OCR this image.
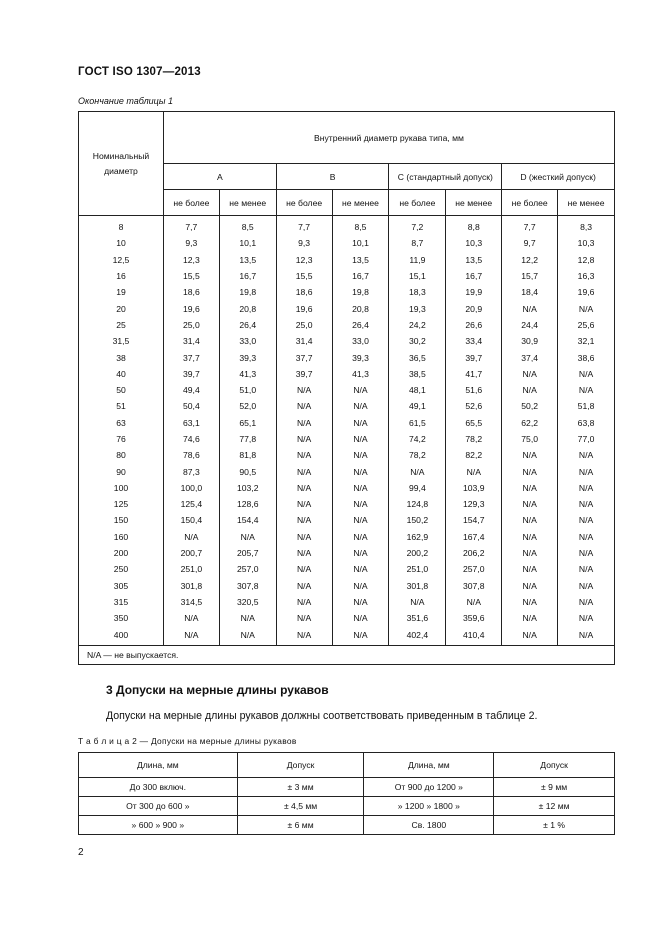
ГОСТ ISO 1307—2013
Окончание таблицы 1
Номинальный диаметр	Внутренний диаметр рукава типа, мм							
	A		B		C (стандартный допуск)		D (жесткий допуск)	
	не более	не менее	не более	не менее	не более	не менее	не более	не менее
8	7,7	8,5	7,7	8,5	7,2	8,8	7,7	8,3
10	9,3	10,1	9,3	10,1	8,7	10,3	9,7	10,3
12,5	12,3	13,5	12,3	13,5	11,9	13,5	12,2	12,8
16	15,5	16,7	15,5	16,7	15,1	16,7	15,7	16,3
19	18,6	19,8	18,6	19,8	18,3	19,9	18,4	19,6
20	19,6	20,8	19,6	20,8	19,3	20,9	N/A	N/A
25	25,0	26,4	25,0	26,4	24,2	26,6	24,4	25,6
31,5	31,4	33,0	31,4	33,0	30,2	33,4	30,9	32,1
38	37,7	39,3	37,7	39,3	36,5	39,7	37,4	38,6
40	39,7	41,3	39,7	41,3	38,5	41,7	N/A	N/A
50	49,4	51,0	N/A	N/A	48,1	51,6	N/A	N/A
51	50,4	52,0	N/A	N/A	49,1	52,6	50,2	51,8
63	63,1	65,1	N/A	N/A	61,5	65,5	62,2	63,8
76	74,6	77,8	N/A	N/A	74,2	78,2	75,0	77,0
80	78,6	81,8	N/A	N/A	78,2	82,2	N/A	N/A
90	87,3	90,5	N/A	N/A	N/A	N/A	N/A	N/A
100	100,0	103,2	N/A	N/A	99,4	103,9	N/A	N/A
125	125,4	128,6	N/A	N/A	124,8	129,3	N/A	N/A
150	150,4	154,4	N/A	N/A	150,2	154,7	N/A	N/A
160	N/A	N/A	N/A	N/A	162,9	167,4	N/A	N/A
200	200,7	205,7	N/A	N/A	200,2	206,2	N/A	N/A
250	251,0	257,0	N/A	N/A	251,0	257,0	N/A	N/A
305	301,8	307,8	N/A	N/A	301,8	307,8	N/A	N/A
315	314,5	320,5	N/A	N/A	N/A	N/A	N/A	N/A
350	N/A	N/A	N/A	N/A	351,6	359,6	N/A	N/A
400	N/A	N/A	N/A	N/A	402,4	410,4	N/A	N/A
N/A — не выпускается.								
3 Допуски на мерные длины рукавов
Допуски на мерные длины рукавов должны соответствовать приведенным в таблице 2.
Т а б л и ц а 2 — Допуски на мерные длины рукавов
Длина, мм	Допуск	Длина, мм	Допуск
До 300 включ.	± 3 мм	От 900 до 1200 »	± 9 мм
От 300 до 600 »	± 4,5 мм	» 1200 » 1800 »	± 12 мм
» 600 » 900 »	± 6 мм	Св. 1800	± 1 %
2
